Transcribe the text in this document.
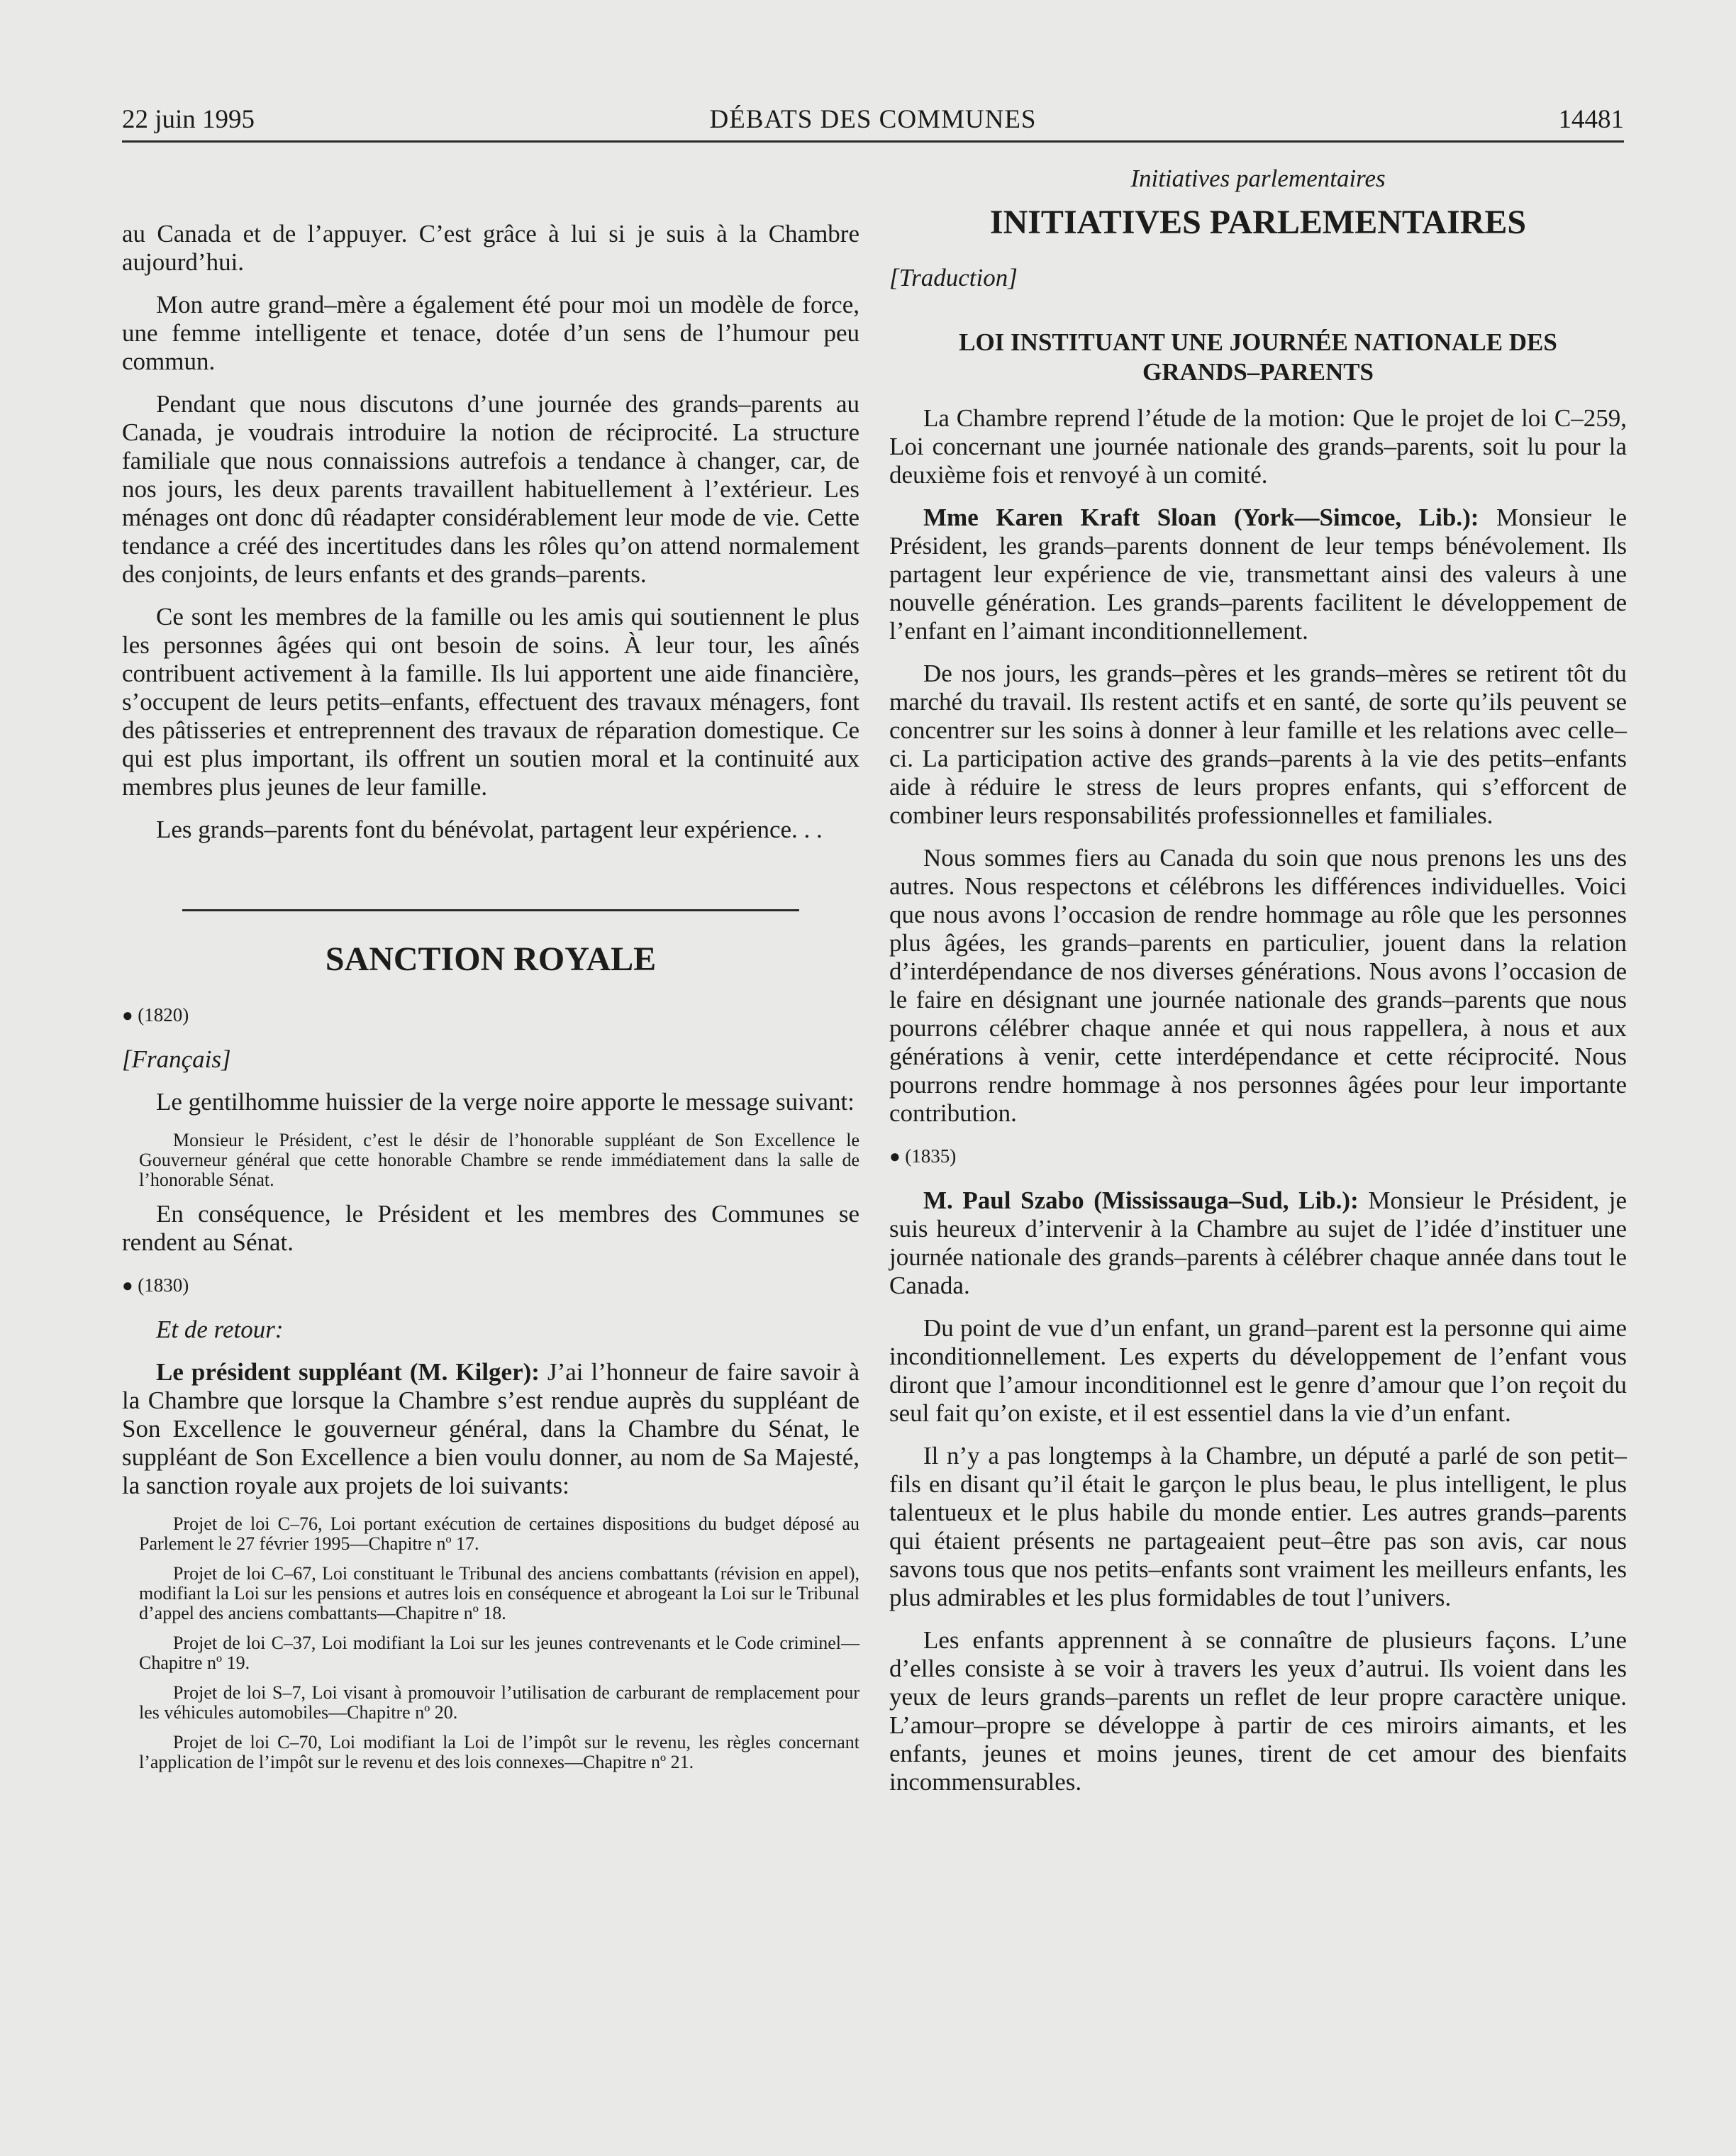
22 juin 1995	DÉBATS DES COMMUNES	14481

au Canada et de l’appuyer. C’est grâce à lui si je suis à la Chambre aujourd’hui.

Mon autre grand–mère a également été pour moi un modèle de force, une femme intelligente et tenace, dotée d’un sens de l’humour peu commun.

Pendant que nous discutons d’une journée des grands–parents au Canada, je voudrais introduire la notion de réciprocité. La structure familiale que nous connaissions autrefois a tendance à changer, car, de nos jours, les deux parents travaillent habituellement à l’extérieur. Les ménages ont donc dû réadapter considérablement leur mode de vie. Cette tendance a créé des incertitudes dans les rôles qu’on attend normalement des conjoints, de leurs enfants et des grands–parents.

Ce sont les membres de la famille ou les amis qui soutiennent le plus les personnes âgées qui ont besoin de soins. À leur tour, les aînés contribuent activement à la famille. Ils lui apportent une aide financière, s’occupent de leurs petits–enfants, effectuent des travaux ménagers, font des pâtisseries et entreprennent des travaux de réparation domestique. Ce qui est plus important, ils offrent un soutien moral et la continuité aux membres plus jeunes de leur famille.

Les grands–parents font du bénévolat, partagent leur expérience. . .

SANCTION ROYALE
● (1820)

[Français]

Le gentilhomme huissier de la verge noire apporte le message suivant:

Monsieur le Président, c’est le désir de l’honorable suppléant de Son Excellence le Gouverneur général que cette honorable Chambre se rende immédiatement dans la salle de l’honorable Sénat.

En conséquence, le Président et les membres des Communes se rendent au Sénat.

● (1830)

Et de retour:

Le président suppléant (M. Kilger): J’ai l’honneur de faire savoir à la Chambre que lorsque la Chambre s’est rendue auprès du suppléant de Son Excellence le gouverneur général, dans la Chambre du Sénat, le suppléant de Son Excellence a bien voulu donner, au nom de Sa Majesté, la sanction royale aux projets de loi suivants:

Projet de loi C–76, Loi portant exécution de certaines dispositions du budget déposé au Parlement le 27 février 1995—Chapitre nº 17.

Projet de loi C–67, Loi constituant le Tribunal des anciens combattants (révision en appel), modifiant la Loi sur les pensions et autres lois en conséquence et abrogeant la Loi sur le Tribunal d’appel des anciens combattants—Chapitre nº 18.

Projet de loi C–37, Loi modifiant la Loi sur les jeunes contrevenants et le Code criminel—Chapitre nº 19.

Projet de loi S–7, Loi visant à promouvoir l’utilisation de carburant de remplacement pour les véhicules automobiles—Chapitre nº 20.

Projet de loi C–70, Loi modifiant la Loi de l’impôt sur le revenu, les règles concernant l’application de l’impôt sur le revenu et des lois connexes—Chapitre nº 21.

Initiatives parlementaires

INITIATIVES PARLEMENTAIRES

[Traduction]

LOI INSTITUANT UNE JOURNÉE NATIONALE DES GRANDS–PARENTS

La Chambre reprend l’étude de la motion: Que le projet de loi C–259, Loi concernant une journée nationale des grands–parents, soit lu pour la deuxième fois et renvoyé à un comité.

Mme Karen Kraft Sloan (York—Simcoe, Lib.): Monsieur le Président, les grands–parents donnent de leur temps bénévolement. Ils partagent leur expérience de vie, transmettant ainsi des valeurs à une nouvelle génération. Les grands–parents facilitent le développement de l’enfant en l’aimant inconditionnellement.

De nos jours, les grands–pères et les grands–mères se retirent tôt du marché du travail. Ils restent actifs et en santé, de sorte qu’ils peuvent se concentrer sur les soins à donner à leur famille et les relations avec celle–ci. La participation active des grands–parents à la vie des petits–enfants aide à réduire le stress de leurs propres enfants, qui s’efforcent de combiner leurs responsabilités professionnelles et familiales.

Nous sommes fiers au Canada du soin que nous prenons les uns des autres. Nous respectons et célébrons les différences individuelles. Voici que nous avons l’occasion de rendre hommage au rôle que les personnes plus âgées, les grands–parents en particulier, jouent dans la relation d’interdépendance de nos diverses générations. Nous avons l’occasion de le faire en désignant une journée nationale des grands–parents que nous pourrons célébrer chaque année et qui nous rappellera, à nous et aux générations à venir, cette interdépendance et cette réciprocité. Nous pourrons rendre hommage à nos personnes âgées pour leur importante contribution.

● (1835)

M. Paul Szabo (Mississauga–Sud, Lib.): Monsieur le Président, je suis heureux d’intervenir à la Chambre au sujet de l’idée d’instituer une journée nationale des grands–parents à célébrer chaque année dans tout le Canada.

Du point de vue d’un enfant, un grand–parent est la personne qui aime inconditionnellement. Les experts du développement de l’enfant vous diront que l’amour inconditionnel est le genre d’amour que l’on reçoit du seul fait qu’on existe, et il est essentiel dans la vie d’un enfant.

Il n’y a pas longtemps à la Chambre, un député a parlé de son petit–fils en disant qu’il était le garçon le plus beau, le plus intelligent, le plus talentueux et le plus habile du monde entier. Les autres grands–parents qui étaient présents ne partageaient peut–être pas son avis, car nous savons tous que nos petits–enfants sont vraiment les meilleurs enfants, les plus admirables et les plus formidables de tout l’univers.

Les enfants apprennent à se connaître de plusieurs façons. L’une d’elles consiste à se voir à travers les yeux d’autrui. Ils voient dans les yeux de leurs grands–parents un reflet de leur propre caractère unique. L’amour–propre se développe à partir de ces miroirs aimants, et les enfants, jeunes et moins jeunes, tirent de cet amour des bienfaits incommensurables.
